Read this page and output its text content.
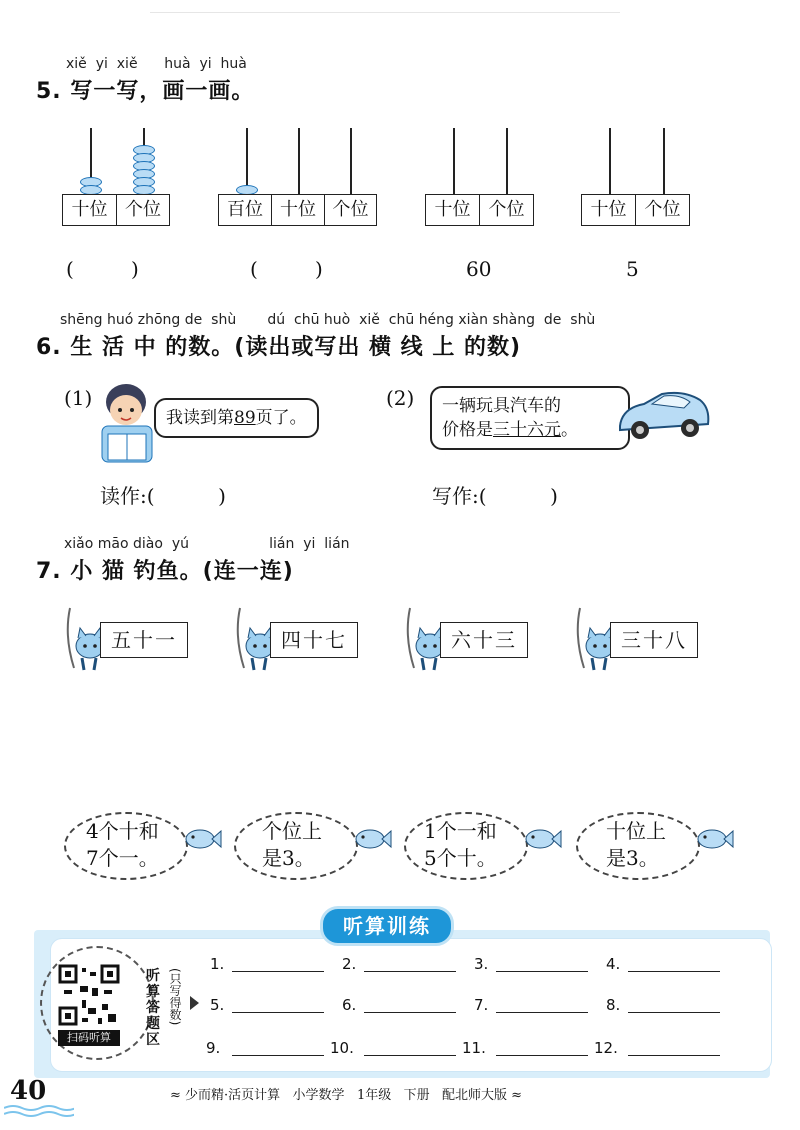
xiě  yi  xiě      huà  yi  huà
5. 写一写，画一画。
十位 个位
(         )
百位 十位 个位
(         )
十位	个位
60
十位	个位
5
shēng huó zhōng de  shù       dú  chū huò  xiě  chū héng xiàn shàng  de  shù
6. 生 活 中 的数。(读出或写出 横 线 上 的数)
(1)
我读到第89页了。
读作:(          )
(2) 一辆玩具汽车的
价格是三十六元。
写作:(          )
xiǎo māo diào  yú                  lián  yi  lián
7. 小 猫 钓鱼。(连一连)
五十一	四十七	六十三	三十八
4个十和
7个一。
个位上
是3。
1个一和
5个十。
十位上
是3。
听算训练
扫码听算
听算答题区
(只写得数)
1.	2.	3.	4.
5.	6.	7.	8.
9.	10.	11.	12.
40	≈ 少而精·活页计算   小学数学   1年级   下册   配北师大版 ≈
